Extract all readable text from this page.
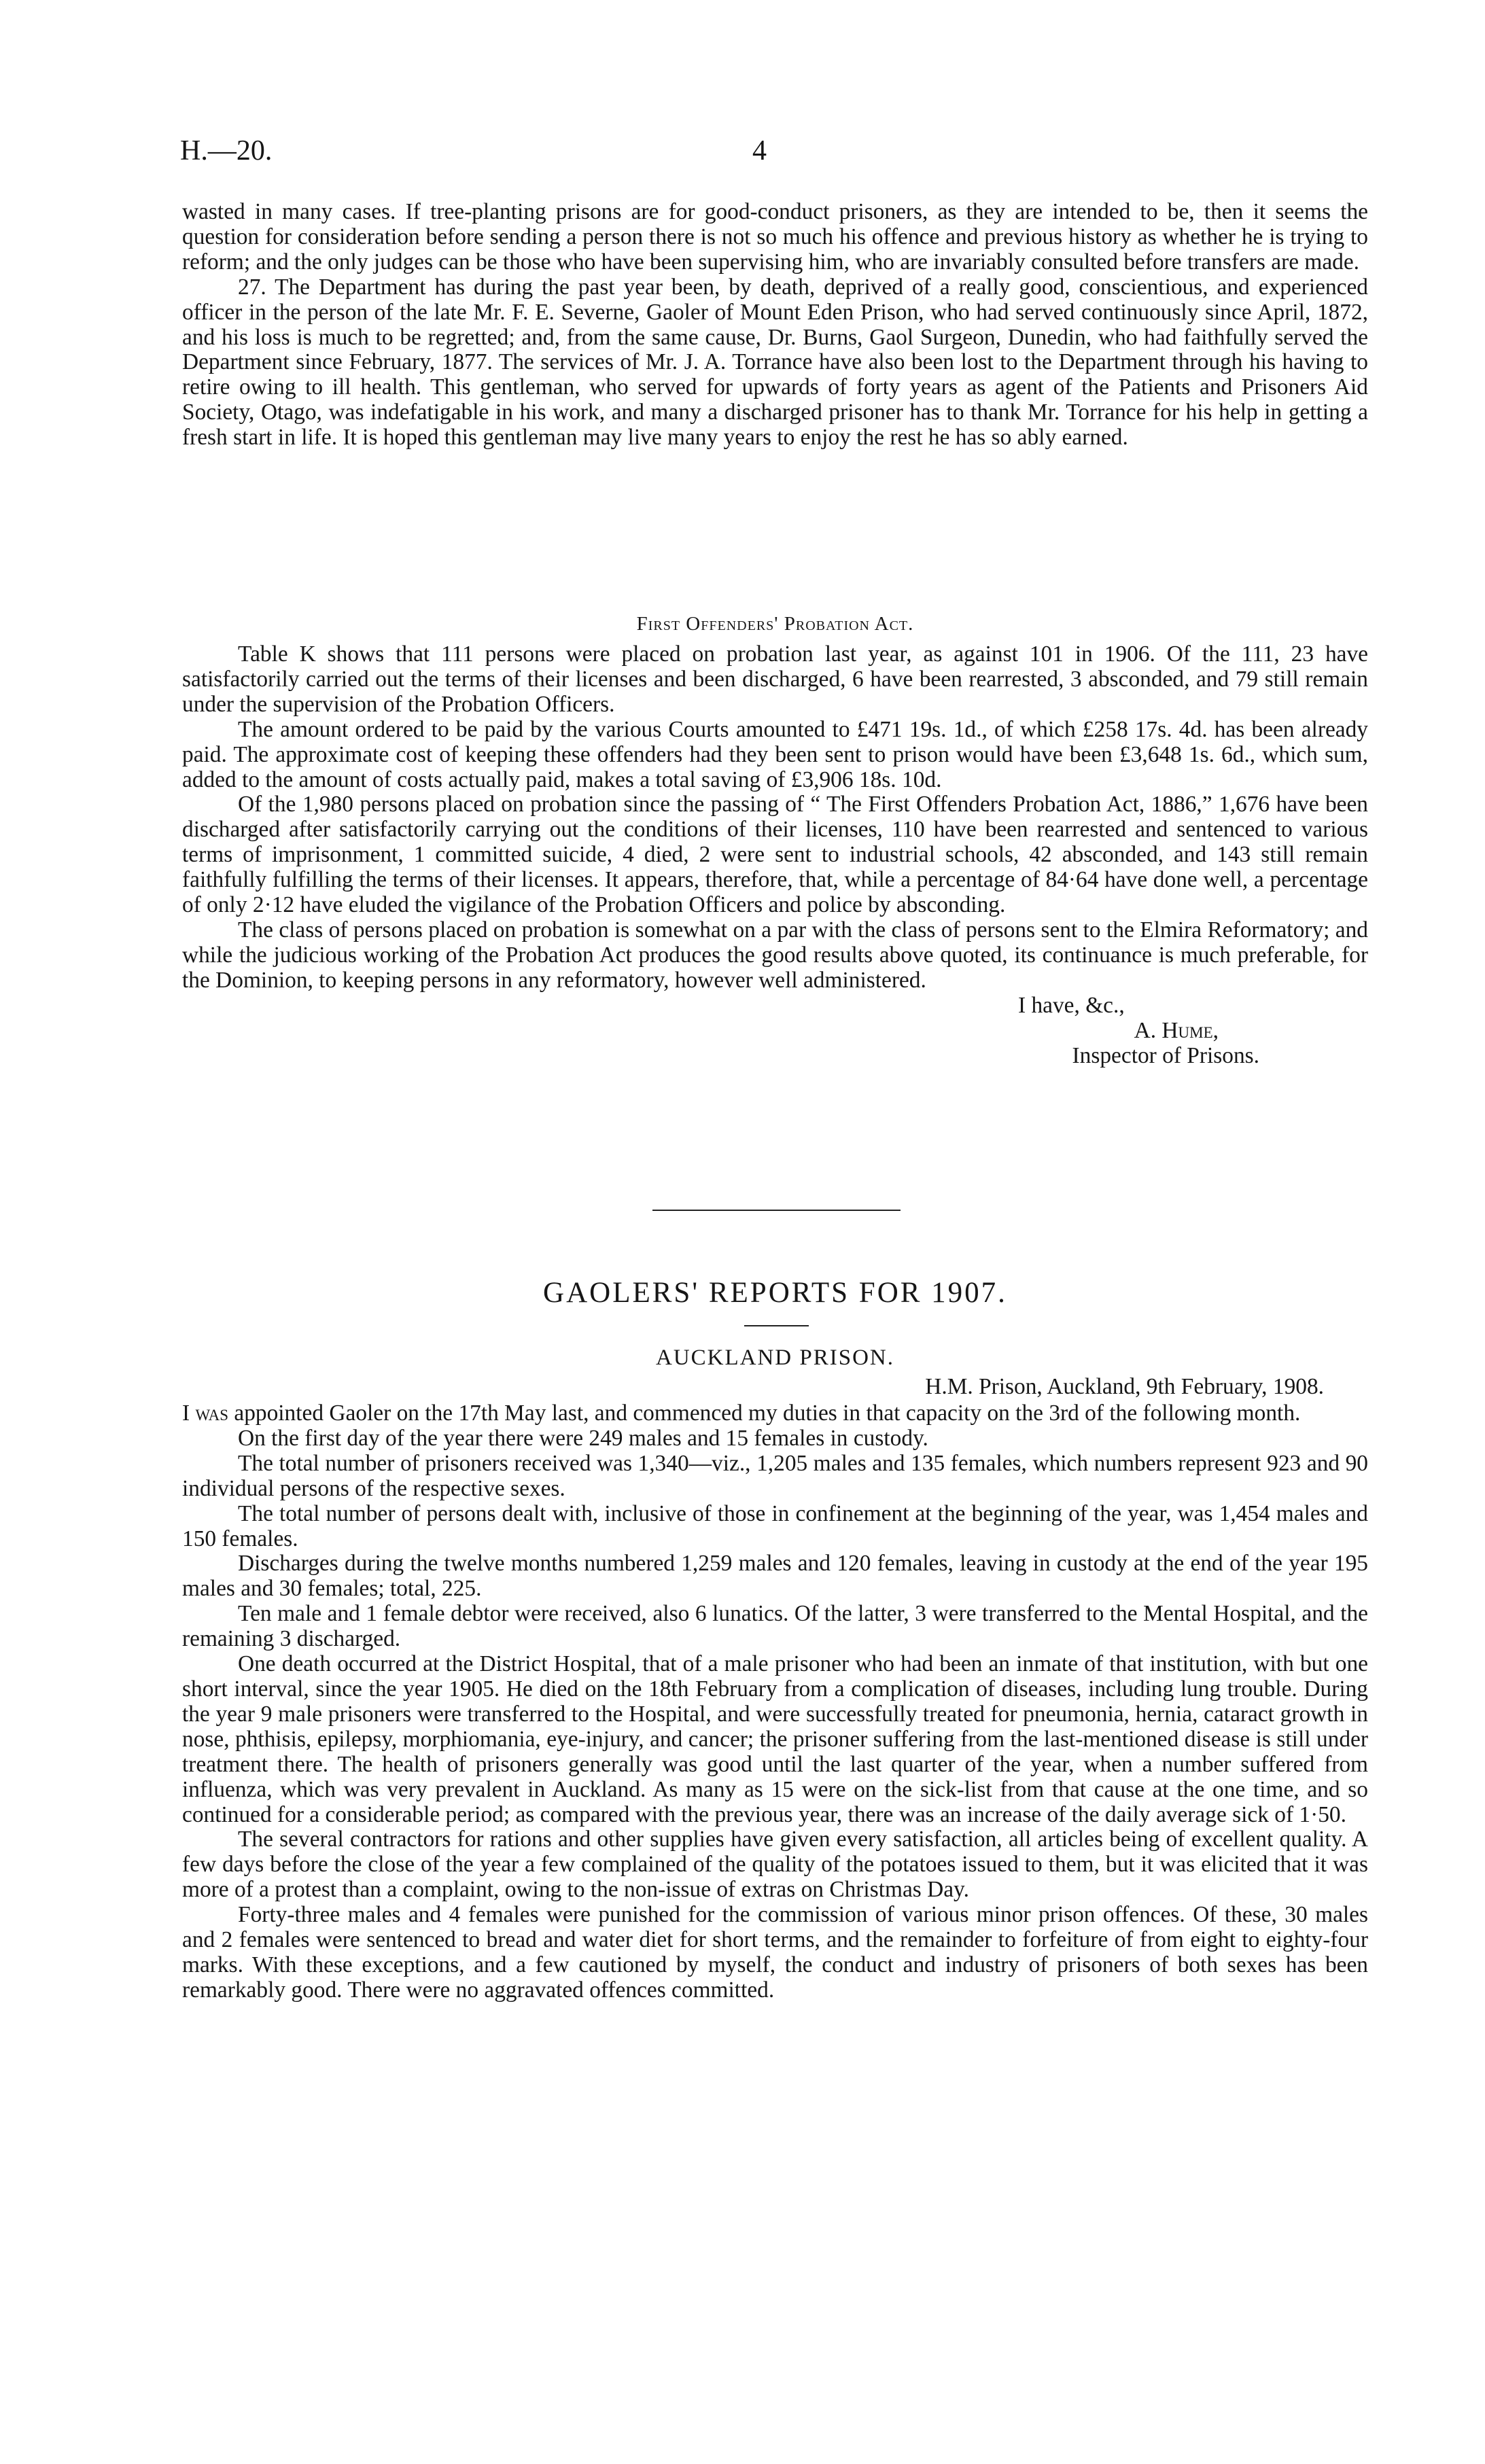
H.—20.	4

wasted in many cases. If tree-planting prisons are for good-conduct prisoners, as they are intended to be, then it seems the question for consideration before sending a person there is not so much his offence and previous history as whether he is trying to reform; and the only judges can be those who have been supervising him, who are invariably consulted before transfers are made.

27. The Department has during the past year been, by death, deprived of a really good, conscientious, and experienced officer in the person of the late Mr. F. E. Severne, Gaoler of Mount Eden Prison, who had served continuously since April, 1872, and his loss is much to be regretted; and, from the same cause, Dr. Burns, Gaol Surgeon, Dunedin, who had faithfully served the Department since February, 1877. The services of Mr. J. A. Torrance have also been lost to the Department through his having to retire owing to ill health. This gentleman, who served for upwards of forty years as agent of the Patients and Prisoners Aid Society, Otago, was indefatigable in his work, and many a discharged prisoner has to thank Mr. Torrance for his help in getting a fresh start in life. It is hoped this gentleman may live many years to enjoy the rest he has so ably earned.

First Offenders' Probation Act.

Table K shows that 111 persons were placed on probation last year, as against 101 in 1906. Of the 111, 23 have satisfactorily carried out the terms of their licenses and been discharged, 6 have been rearrested, 3 absconded, and 79 still remain under the supervision of the Probation Officers.

The amount ordered to be paid by the various Courts amounted to £471 19s. 1d., of which £258 17s. 4d. has been already paid. The approximate cost of keeping these offenders had they been sent to prison would have been £3,648 1s. 6d., which sum, added to the amount of costs actually paid, makes a total saving of £3,906 18s. 10d.

Of the 1,980 persons placed on probation since the passing of “ The First Offenders Probation Act, 1886,” 1,676 have been discharged after satisfactorily carrying out the conditions of their licenses, 110 have been rearrested and sentenced to various terms of imprisonment, 1 committed suicide, 4 died, 2 were sent to industrial schools, 42 absconded, and 143 still remain faithfully fulfilling the terms of their licenses. It appears, therefore, that, while a percentage of 84·64 have done well, a percentage of only 2·12 have eluded the vigilance of the Probation Officers and police by absconding.

The class of persons placed on probation is somewhat on a par with the class of persons sent to the Elmira Reformatory; and while the judicious working of the Probation Act produces the good results above quoted, its continuance is much preferable, for the Dominion, to keeping persons in any reformatory, however well administered.

I have, &c.,
A. Hume,
Inspector of Prisons.
GAOLERS' REPORTS FOR 1907.
AUCKLAND PRISON.
H.M. Prison, Auckland, 9th February, 1908.

I was appointed Gaoler on the 17th May last, and commenced my duties in that capacity on the 3rd of the following month.

On the first day of the year there were 249 males and 15 females in custody.

The total number of prisoners received was 1,340—viz., 1,205 males and 135 females, which numbers represent 923 and 90 individual persons of the respective sexes.

The total number of persons dealt with, inclusive of those in confinement at the beginning of the year, was 1,454 males and 150 females.

Discharges during the twelve months numbered 1,259 males and 120 females, leaving in custody at the end of the year 195 males and 30 females; total, 225.

Ten male and 1 female debtor were received, also 6 lunatics. Of the latter, 3 were transferred to the Mental Hospital, and the remaining 3 discharged.

One death occurred at the District Hospital, that of a male prisoner who had been an inmate of that institution, with but one short interval, since the year 1905. He died on the 18th February from a complication of diseases, including lung trouble. During the year 9 male prisoners were transferred to the Hospital, and were successfully treated for pneumonia, hernia, cataract growth in nose, phthisis, epilepsy, morphiomania, eye-injury, and cancer; the prisoner suffering from the last-mentioned disease is still under treatment there. The health of prisoners generally was good until the last quarter of the year, when a number suffered from influenza, which was very prevalent in Auckland. As many as 15 were on the sick-list from that cause at the one time, and so continued for a considerable period; as compared with the previous year, there was an increase of the daily average sick of 1·50.

The several contractors for rations and other supplies have given every satisfaction, all articles being of excellent quality. A few days before the close of the year a few complained of the quality of the potatoes issued to them, but it was elicited that it was more of a protest than a complaint, owing to the non-issue of extras on Christmas Day.

Forty-three males and 4 females were punished for the commission of various minor prison offences. Of these, 30 males and 2 females were sentenced to bread and water diet for short terms, and the remainder to forfeiture of from eight to eighty-four marks. With these exceptions, and a few cautioned by myself, the conduct and industry of prisoners of both sexes has been remarkably good. There were no aggravated offences committed.
